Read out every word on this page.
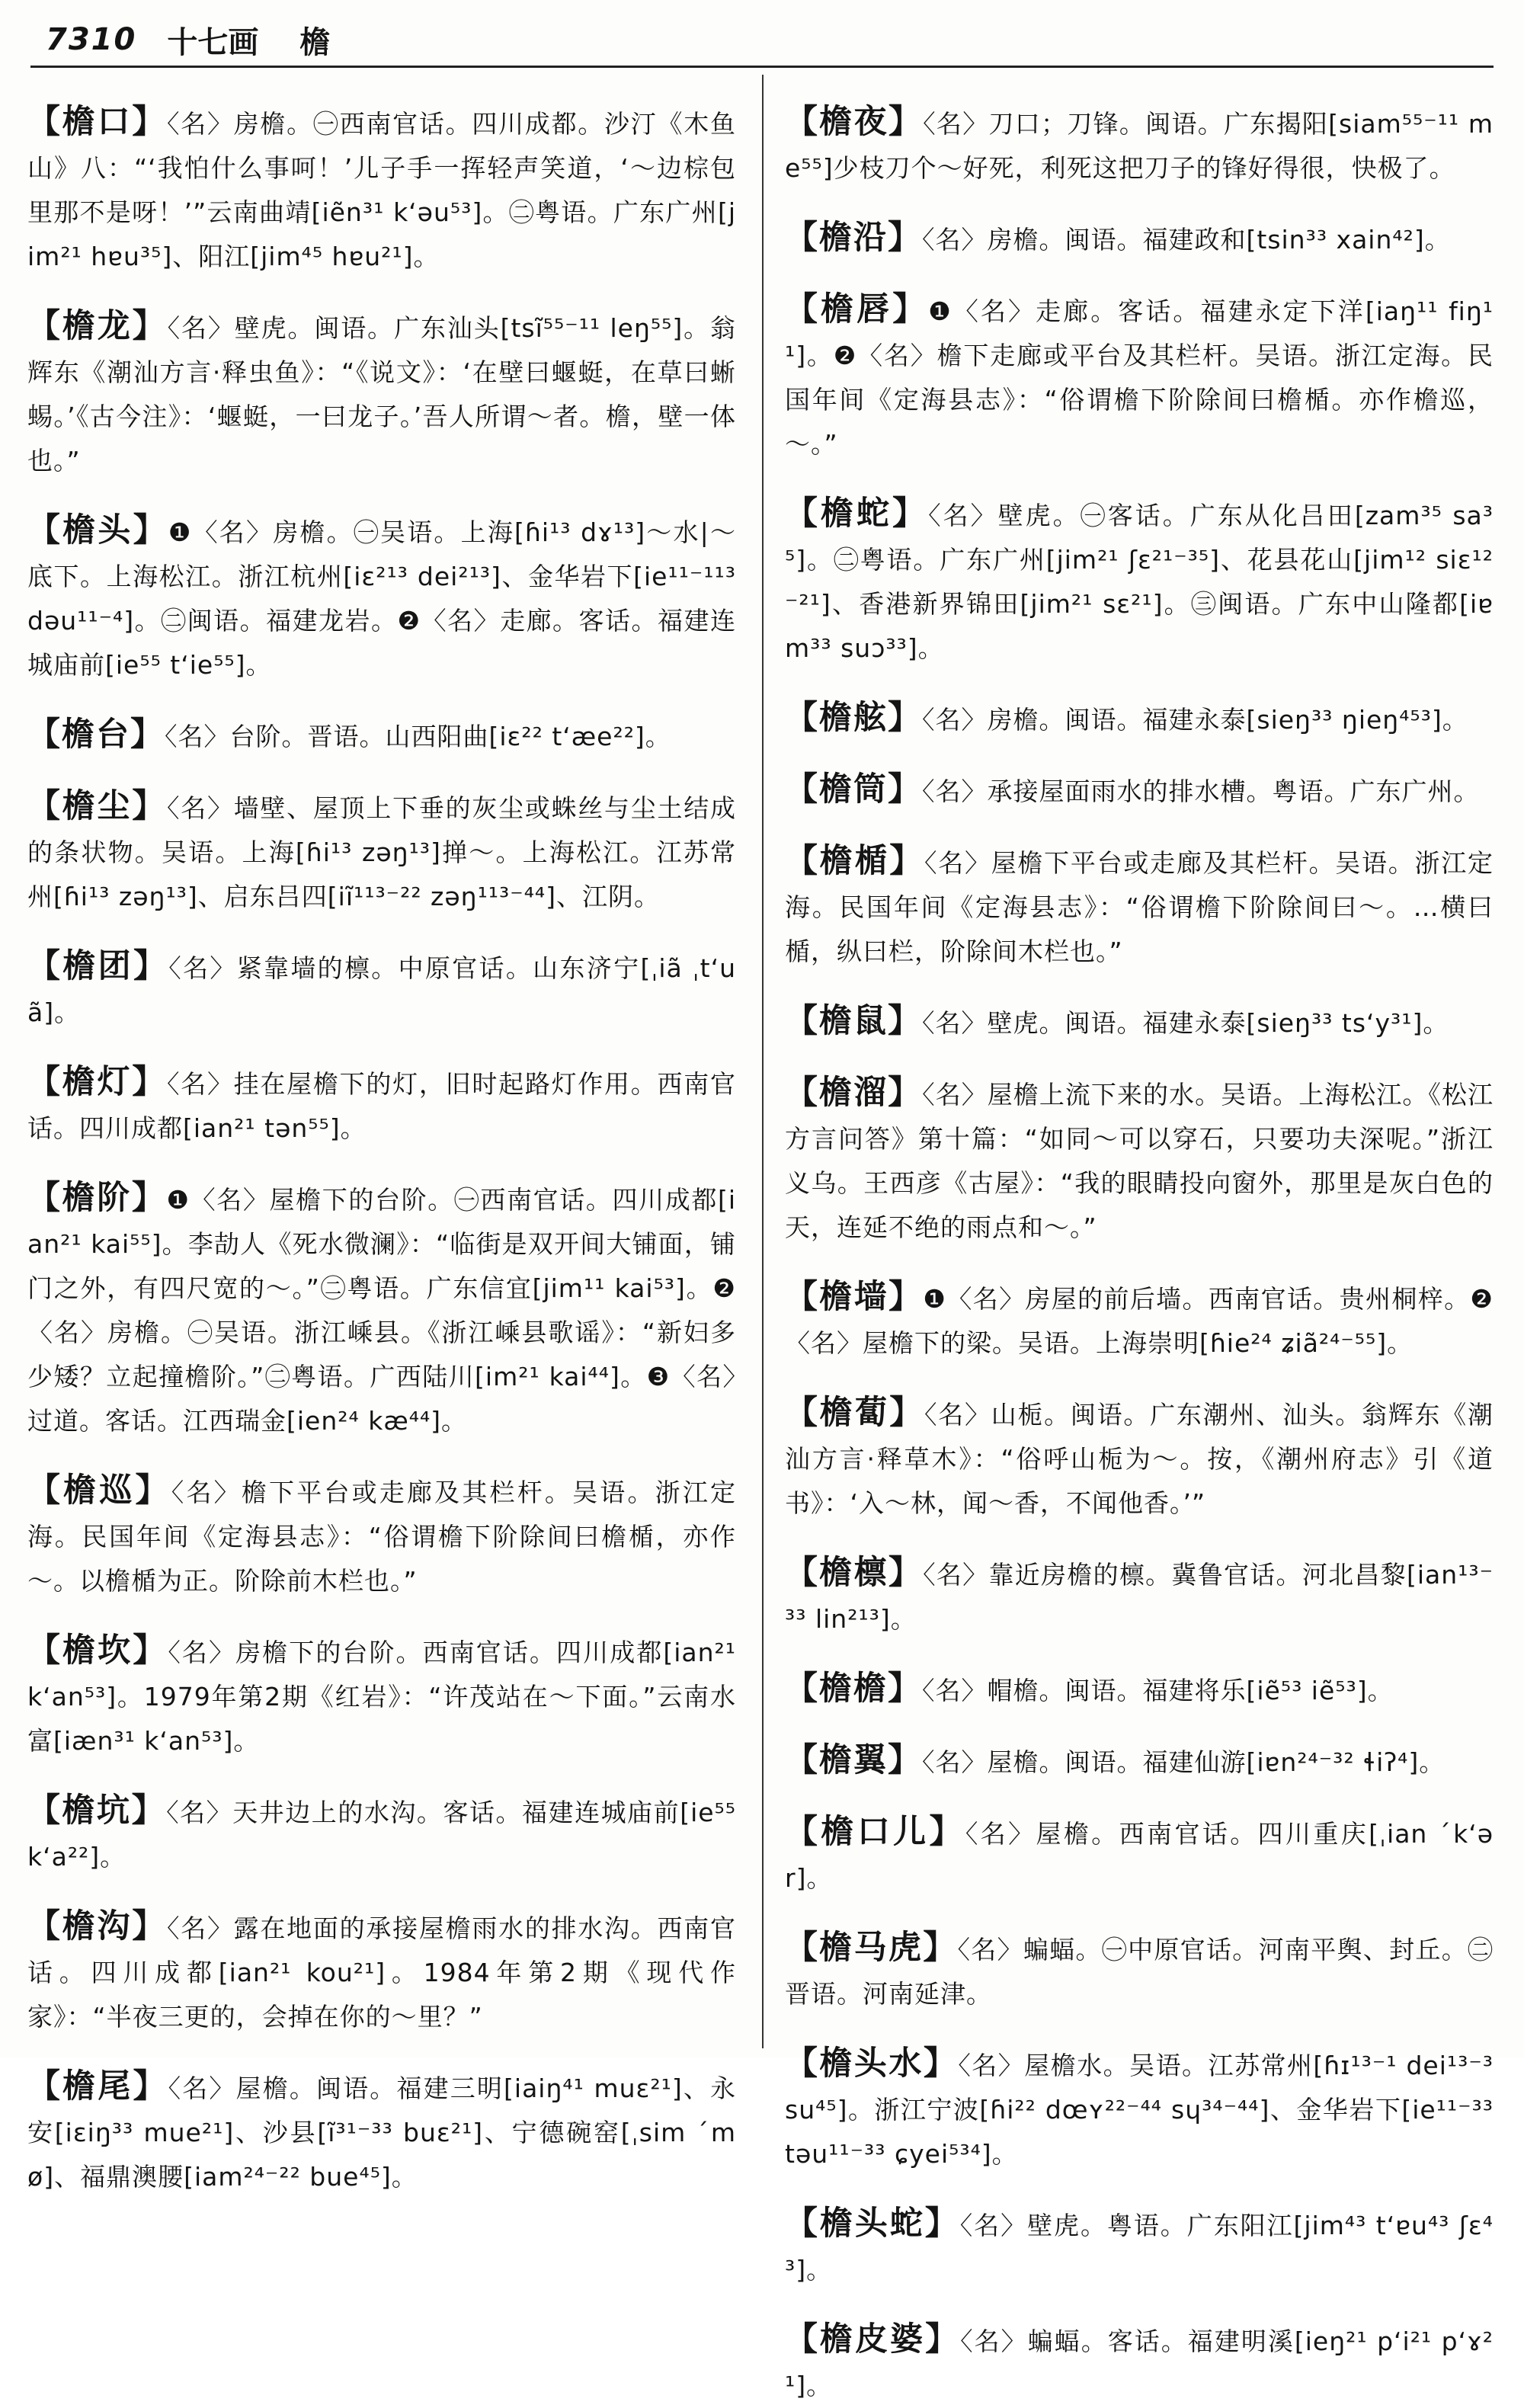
7310 十七画 檐

【檐口】〈名〉房檐。㊀西南官话。四川成都。沙汀《木鱼山》八：“‘我怕什么事呵！’儿子手一挥轻声笑道，‘～边棕包里那不是呀！’”云南曲靖[iẽn³¹ k‘əu⁵³]。㊁粤语。广东广州[jim²¹ hɐu³⁵]、阳江[jim⁴⁵ hɐu²¹]。

【檐龙】〈名〉壁虎。闽语。广东汕头[tsĩ⁵⁵⁻¹¹ leŋ⁵⁵]。翁辉东《潮汕方言·释虫鱼》：“《说文》：‘在壁曰蝘蜓，在草曰蜥蜴。’《古今注》：‘蝘蜓，一曰龙子。’吾人所谓～者。檐，壁一体也。”

【檐头】❶〈名〉房檐。㊀吴语。上海[ɦi¹³ dɤ¹³]～水|～底下。上海松江。浙江杭州[iɛ²¹³ dei²¹³]、金华岩下[ie¹¹⁻¹¹³ dəu¹¹⁻⁴]。㊁闽语。福建龙岩。❷〈名〉走廊。客话。福建连城庙前[ie⁵⁵ t‘ie⁵⁵]。

【檐台】〈名〉台阶。晋语。山西阳曲[iɛ²² t‘æe²²]。

【檐尘】〈名〉墙壁、屋顶上下垂的灰尘或蛛丝与尘土结成的条状物。吴语。上海[ɦi¹³ zəŋ¹³]掸～。上海松江。江苏常州[ɦi¹³ zəŋ¹³]、启东吕四[iĩ¹¹³⁻²² zəŋ¹¹³⁻⁴⁴]、江阴。

【檐团】〈名〉紧靠墙的檩。中原官话。山东济宁[ˌiã ˌt‘uã]。

【檐灯】〈名〉挂在屋檐下的灯，旧时起路灯作用。西南官话。四川成都[ian²¹ tən⁵⁵]。

【檐阶】❶〈名〉屋檐下的台阶。㊀西南官话。四川成都[ian²¹ kai⁵⁵]。李劼人《死水微澜》：“临街是双开间大铺面，铺门之外，有四尺宽的～。”㊁粤语。广东信宜[jim¹¹ kai⁵³]。❷〈名〉房檐。㊀吴语。浙江嵊县。《浙江嵊县歌谣》：“新妇多少矮？立起撞檐阶。”㊁粤语。广西陆川[im²¹ kai⁴⁴]。❸〈名〉过道。客话。江西瑞金[ien²⁴ kæ⁴⁴]。

【檐巡】〈名〉檐下平台或走廊及其栏杆。吴语。浙江定海。民国年间《定海县志》：“俗谓檐下阶除间曰檐楯，亦作～。以檐楯为正。阶除前木栏也。”

【檐坎】〈名〉房檐下的台阶。西南官话。四川成都[ian²¹ k‘an⁵³]。1979年第2期《红岩》：“许茂站在～下面。”云南水富[iæn³¹ k‘an⁵³]。

【檐坑】〈名〉天井边上的水沟。客话。福建连城庙前[ie⁵⁵ k‘a²²]。

【檐沟】〈名〉露在地面的承接屋檐雨水的排水沟。西南官话。四川成都[ian²¹ kou²¹]。1984年第2期《现代作家》：“半夜三更的，会掉在你的～里？”

【檐尾】〈名〉屋檐。闽语。福建三明[iaiŋ⁴¹ muɛ²¹]、永安[iɛiŋ³³ mue²¹]、沙县[ĩ³¹⁻³³ buɛ²¹]、宁德碗窑[ˌsim ˊmø]、福鼎澳腰[iam²⁴⁻²² bue⁴⁵]。

【檐夜】〈名〉刀口；刀锋。闽语。广东揭阳[siam⁵⁵⁻¹¹ me⁵⁵]少枝刀个～好死，利死这把刀子的锋好得很，快极了。

【檐沿】〈名〉房檐。闽语。福建政和[tsin³³ xain⁴²]。

【檐唇】❶〈名〉走廊。客话。福建永定下洋[iaŋ¹¹ fiŋ¹¹]。❷〈名〉檐下走廊或平台及其栏杆。吴语。浙江定海。民国年间《定海县志》：“俗谓檐下阶除间曰檐楯。亦作檐巡，～。”

【檐蛇】〈名〉壁虎。㊀客话。广东从化吕田[zam³⁵ sa³⁵]。㊁粤语。广东广州[jim²¹ ʃɛ²¹⁻³⁵]、花县花山[jim¹² siɛ¹²⁻²¹]、香港新界锦田[jim²¹ sɛ²¹]。㊂闽语。广东中山隆都[iɐm³³ suɔ³³]。

【檐舷】〈名〉房檐。闽语。福建永泰[sieŋ³³ ŋieŋ⁴⁵³]。

【檐筒】〈名〉承接屋面雨水的排水槽。粤语。广东广州。

【檐楯】〈名〉屋檐下平台或走廊及其栏杆。吴语。浙江定海。民国年间《定海县志》：“俗谓檐下阶除间曰～。…横曰楯，纵曰栏，阶除间木栏也。”

【檐鼠】〈名〉壁虎。闽语。福建永泰[sieŋ³³ ts‘y³¹]。

【檐溜】〈名〉屋檐上流下来的水。吴语。上海松江。《松江方言问答》第十篇：“如同～可以穿石，只要功夫深呢。”浙江义乌。王西彦《古屋》：“我的眼睛投向窗外，那里是灰白色的天，连延不绝的雨点和～。”

【檐墙】❶〈名〉房屋的前后墙。西南官话。贵州桐梓。❷〈名〉屋檐下的梁。吴语。上海崇明[ɦie²⁴ ʑiã²⁴⁻⁵⁵]。

【檐蔔】〈名〉山栀。闽语。广东潮州、汕头。翁辉东《潮汕方言·释草木》：“俗呼山栀为～。按，《潮州府志》引《道书》：‘入～林，闻～香，不闻他香。’”

【檐檩】〈名〉靠近房檐的檩。冀鲁官话。河北昌黎[ian¹³⁻³³ lin²¹³]。

【檐檐】〈名〉帽檐。闽语。福建将乐[iẽ⁵³ iẽ⁵³]。

【檐翼】〈名〉屋檐。闽语。福建仙游[iɐn²⁴⁻³² ɬiʔ⁴]。

【檐口儿】〈名〉屋檐。西南官话。四川重庆[ˌian ˊk‘ər]。

【檐马虎】〈名〉蝙蝠。㊀中原官话。河南平舆、封丘。㊁晋语。河南延津。

【檐头水】〈名〉屋檐水。吴语。江苏常州[ɦɪ¹³⁻¹ dei¹³⁻³ su⁴⁵]。浙江宁波[ɦi²² dœʏ²²⁻⁴⁴ sɥ³⁴⁻⁴⁴]、金华岩下[ie¹¹⁻³³ təu¹¹⁻³³ ɕyei⁵³⁴]。

【檐头蛇】〈名〉壁虎。粤语。广东阳江[jim⁴³ t‘ɐu⁴³ ʃɛ⁴³]。

【檐皮婆】〈名〉蝙蝠。客话。福建明溪[ieŋ²¹ p‘i²¹ p‘ɤ²¹]。
